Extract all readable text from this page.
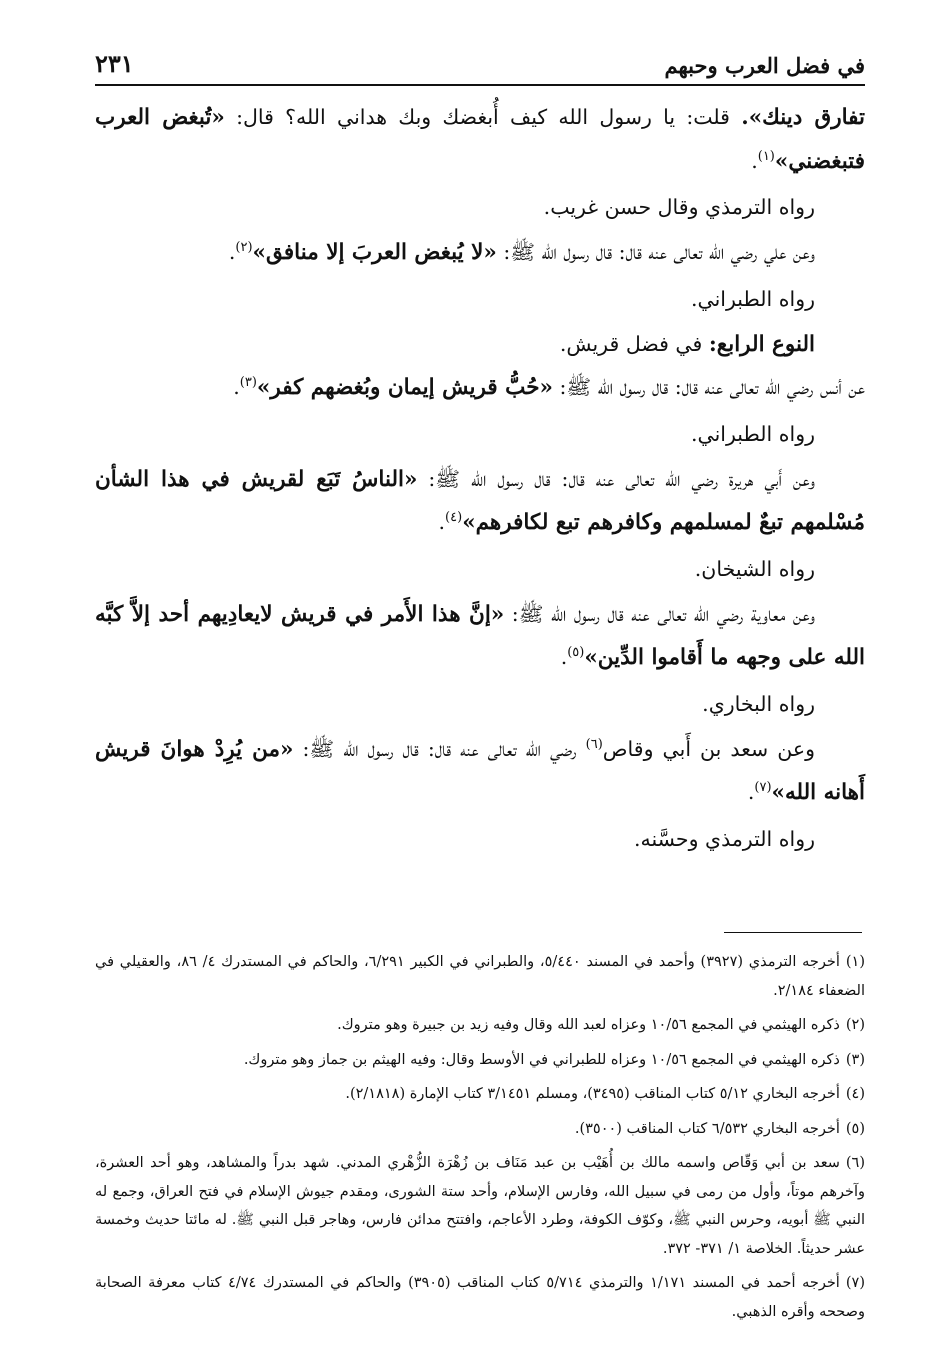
في فضل العرب وحبهم
٢٣١

تفارق دينك». قلت: يا رسول الله كيف أُبغضك وبك هداني الله؟ قال: «تُبغض العرب فتبغضني»$^{(١)}$.

رواه الترمذي وقال حسن غريب.

وعن علي رضي الله تعالى عنه قال: قال رسول الله ﷺ: «لا يُبغض العربَ إلا منافق»$^{(٢)}$.

رواه الطبراني.

النوع الرابع: في فضل قريش.

عن أنس رضي الله تعالى عنه قال: قال رسول الله ﷺ: «حُبُّ قريش إيمان وبُغضهم كفر»$^{(٣)}$.

رواه الطبراني.

وعن أَبي هريرة رضي الله تعالى عنه قال: قال رسول الله ﷺ: «الناسُ تَبَع لقريش في هذا الشأن مُسْلمهم تبعٌ لمسلمهم وكافرهم تبع لكافرهم»$^{(٤)}$.

رواه الشيخان.

وعن معاوية رضي الله تعالى عنه قال رسول الله ﷺ: «إنَّ هذا الأَمر في قريش لايعادِيهم أحد إلاَّ كبَّه الله على وجهه ما أَقاموا الدِّين»$^{(٥)}$.

رواه البخاري.

وعن سعد بن أَبي وقاص$^{(٦)}$ رضي الله تعالى عنه قال: قال رسول الله ﷺ: «من يُرِدْ هوانَ قريش أَهانه الله»$^{(٧)}$.

رواه الترمذي وحسَّنه.

(١)أخرجه الترمذي (٣٩٢٧) وأحمد في المسند ٥/٤٤٠، والطبراني في الكبير ٦/٢٩١، والحاكم في المستدرك ٤/ ٨٦، والعقيلي في الضعفاء ٢/١٨٤.

(٢)ذكره الهيثمي في المجمع ١٠/٥٦ وعزاه لعبد الله وقال وفيه زيد بن جبيرة وهو متروك.

(٣)ذكره الهيثمي في المجمع ١٠/٥٦ وعزاه للطبراني في الأوسط وقال: وفيه الهيثم بن جماز وهو متروك.

(٤)أخرجه البخاري ٥/١٢ كتاب المناقب (٣٤٩٥)، ومسلم ٣/١٤٥١ كتاب الإمارة (٢/١٨١٨).

(٥)أخرجه البخاري ٦/٥٣٢ كتاب المناقب (٣٥٠٠).

(٦)سعد بن أبي وَقّاص واسمه مالك بن أُهَيْب بن عبد مَنَاف بن زُهْرَة الزُّهْري المدني. شهد بدراً والمشاهد، وهو أحد العشرة، وآخرهم موتاً، وأول من رمى في سبيل الله، وفارس الإسلام، وأحد ستة الشورى، ومقدم جيوش الإسلام في فتح العراق، وجمع له النبي ﷺ أبويه، وحرس النبي ﷺ، وكوّف الكوفة، وطرد الأعاجم، وافتتح مدائن فارس، وهاجر قبل النبي ﷺ. له مائتا حديث وخمسة عشر حديثاً. الخلاصة ١/ ٣٧١- ٣٧٢.

(٧)أخرجه أحمد في المسند ١/١٧١ والترمذي ٥/٧١٤ كتاب المناقب (٣٩٠٥) والحاكم في المستدرك ٤/٧٤ كتاب معرفة الصحابة وصححه وأقره الذهبي.
